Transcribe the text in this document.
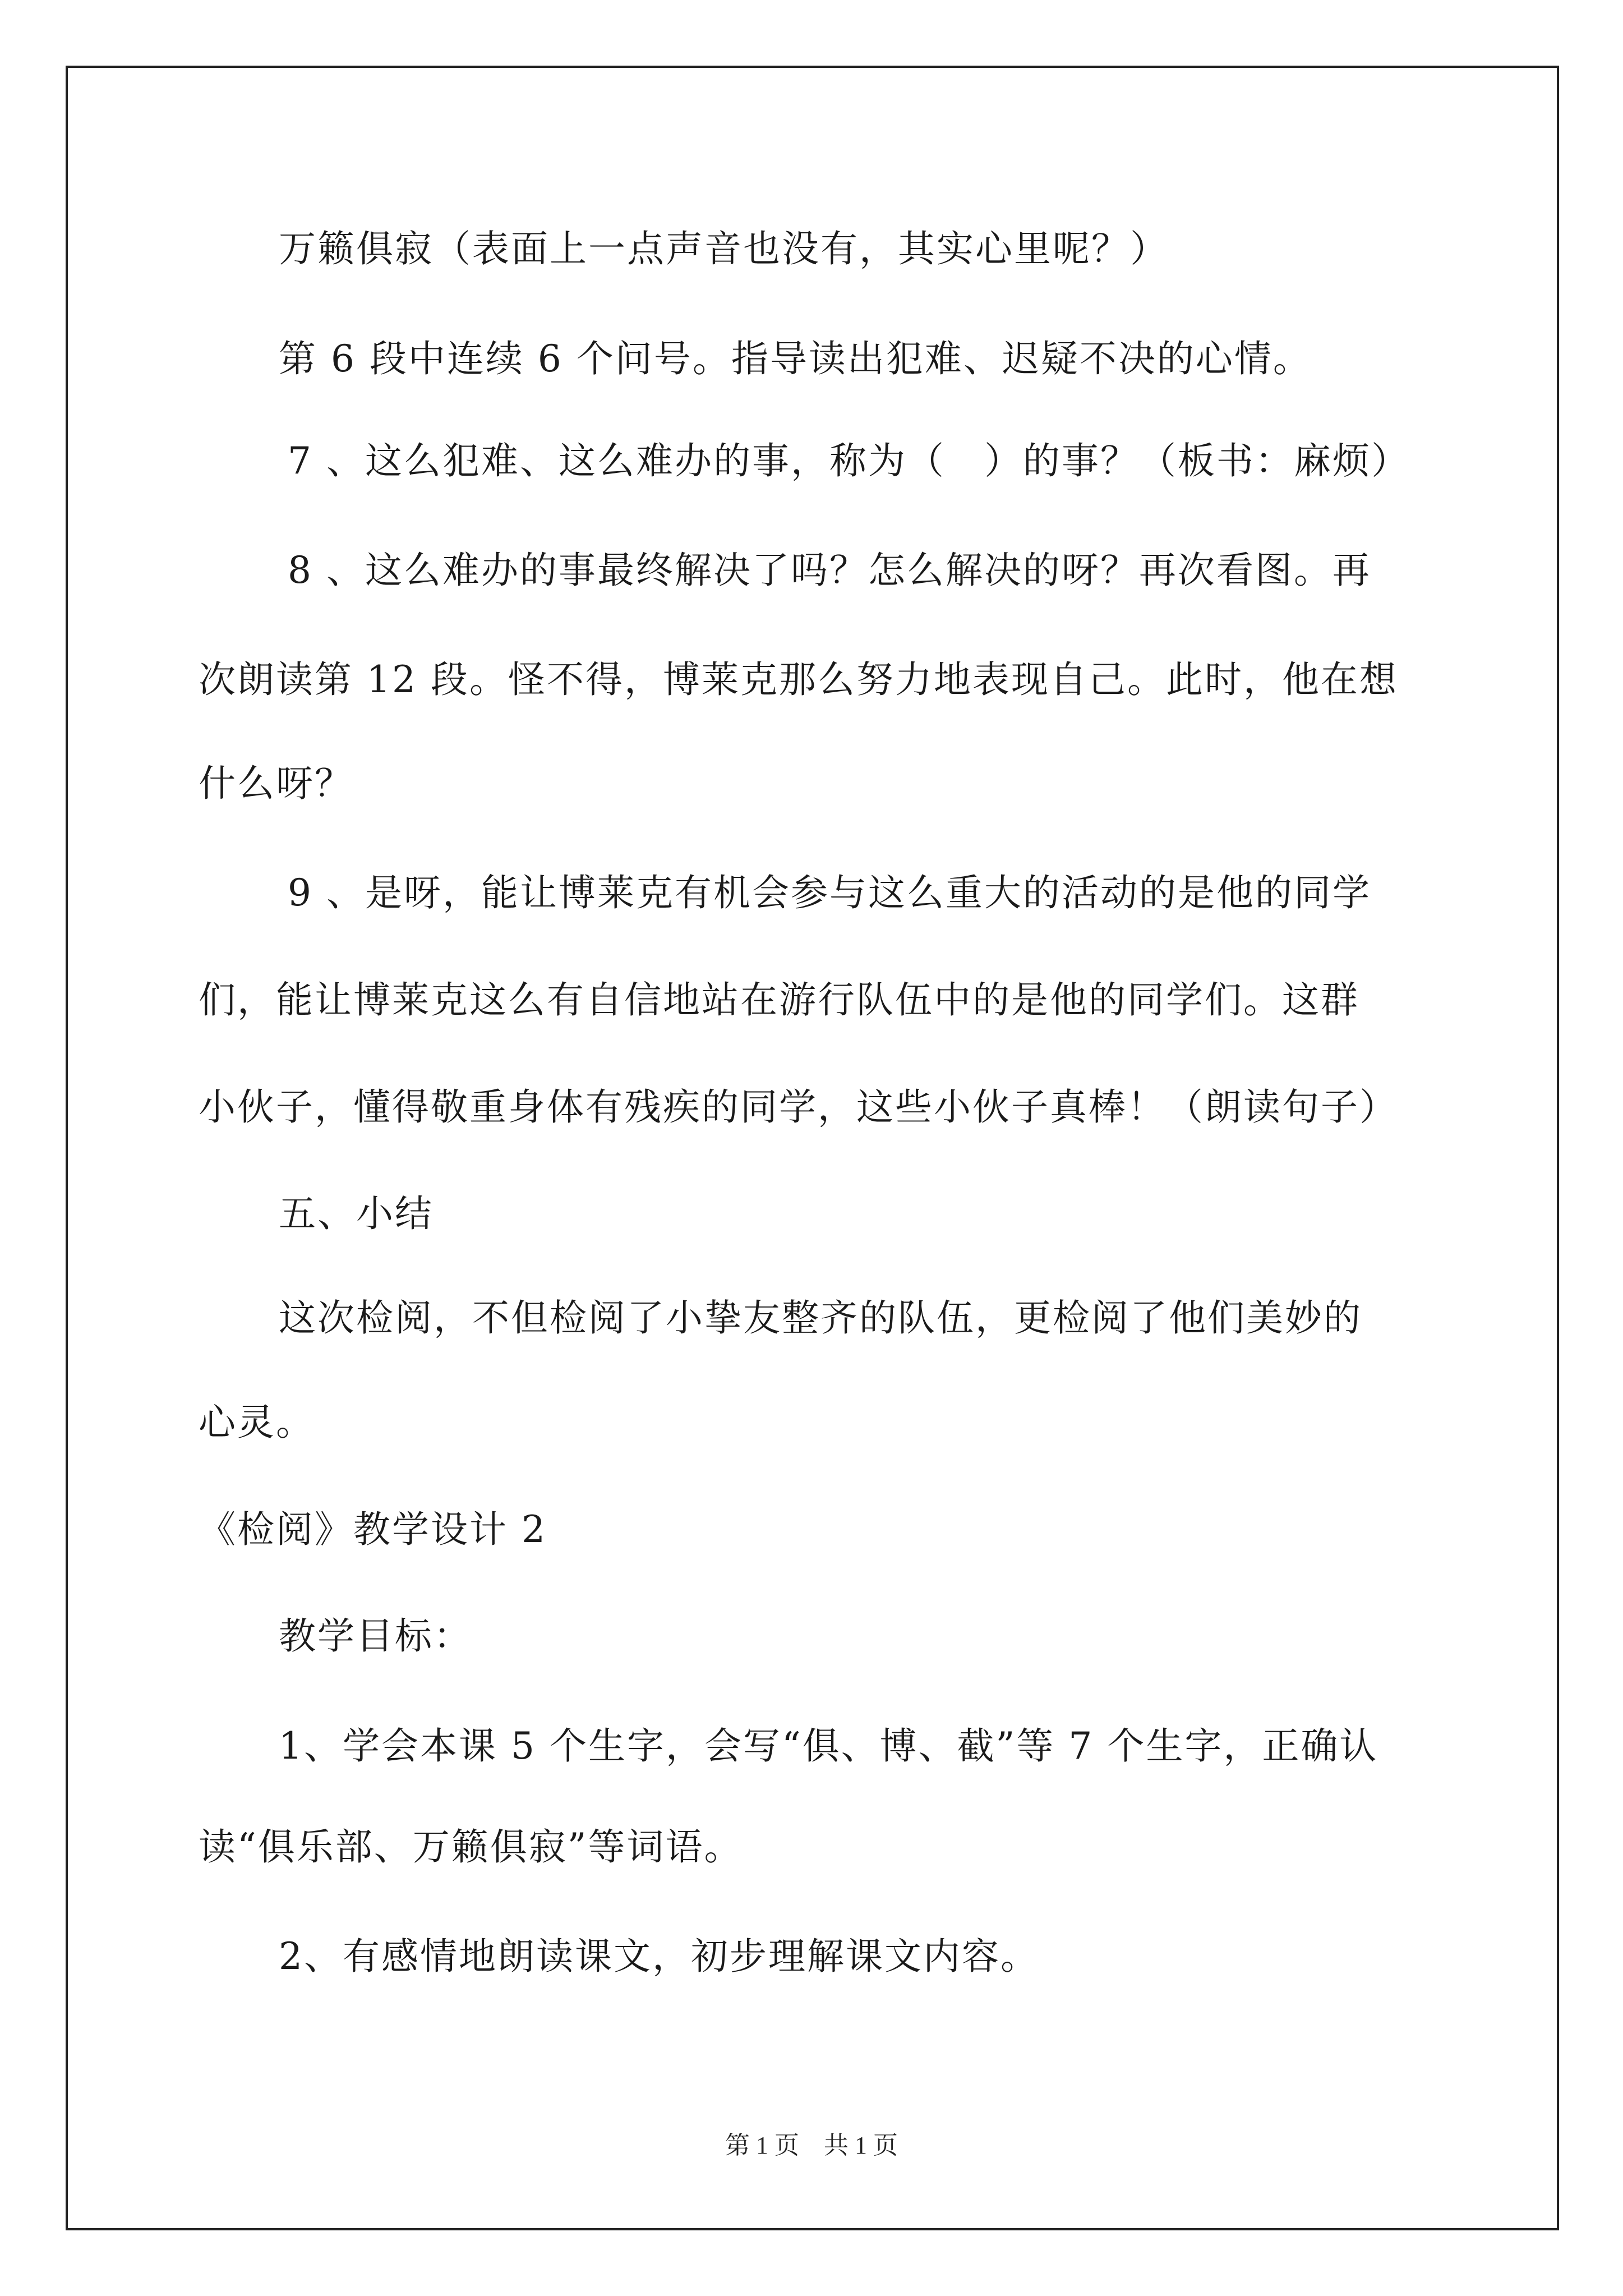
万籁俱寂（表面上一点声音也没有，其实心里呢？）
第 6 段中连续 6 个问号。指导读出犯难、迟疑不决的心情。
7 、这么犯难、这么难办的事，称为（　）的事？（板书：麻烦）
8 、这么难办的事最终解决了吗？怎么解决的呀？再次看图。再
次朗读第 12 段。怪不得，博莱克那么努力地表现自己。此时，他在想
什么呀？
9 、是呀，能让博莱克有机会参与这么重大的活动的是他的同学
们，能让博莱克这么有自信地站在游行队伍中的是他的同学们。这群
小伙子，懂得敬重身体有残疾的同学，这些小伙子真棒！（朗读句子）
五、小结
这次检阅，不但检阅了小挚友整齐的队伍，更检阅了他们美妙的
心灵。
《检阅》教学设计 2
教学目标：
1、学会本课 5 个生字，会写“俱、博、截”等 7 个生字，正确认
读“俱乐部、万籁俱寂”等词语。
2、有感情地朗读课文，初步理解课文内容。
第 1 页　共 1 页
